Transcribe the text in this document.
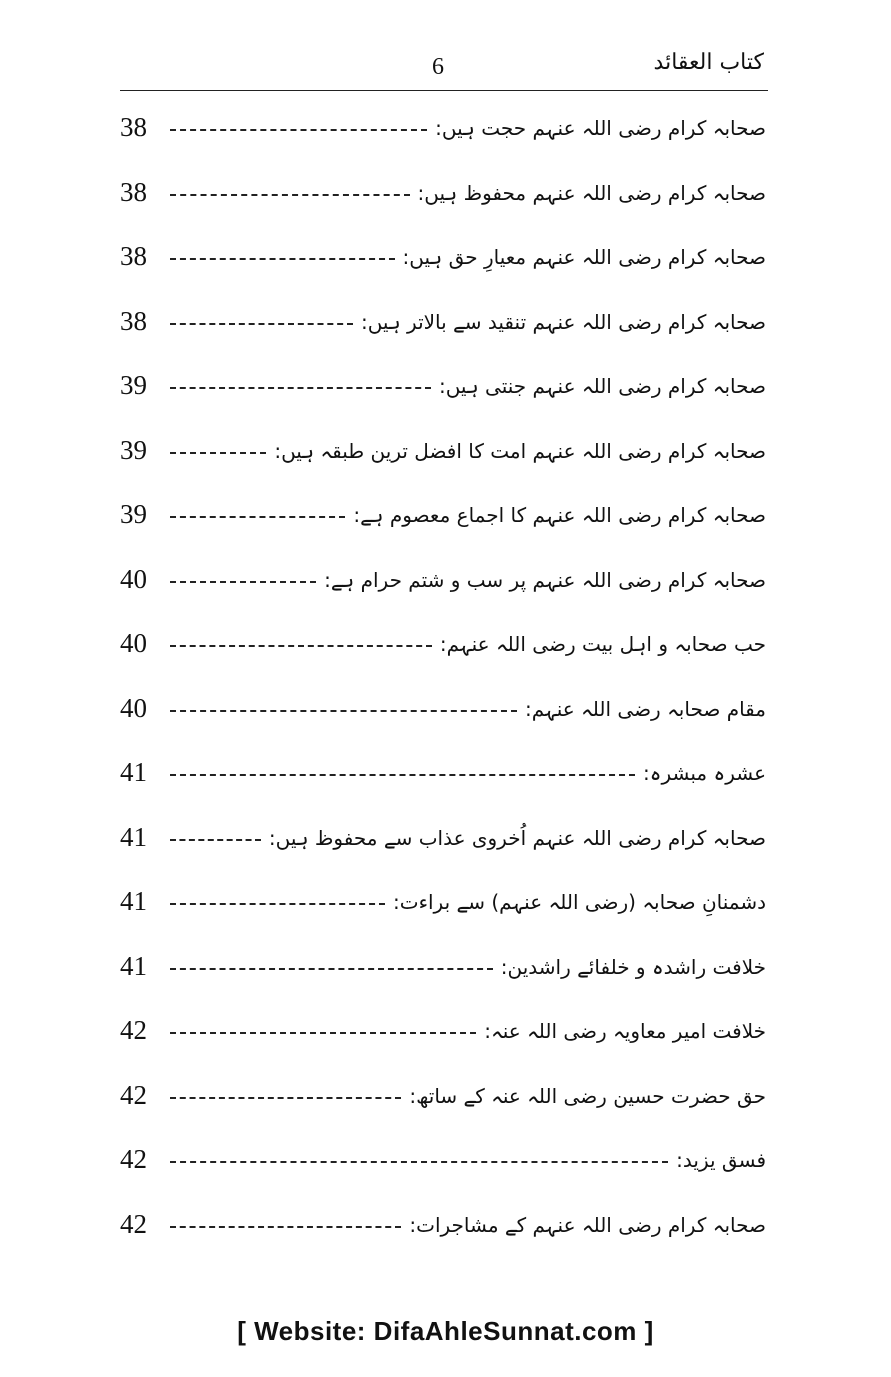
کتاب العقائد
6
38	صحابہ کرام رضی اللہ عنہم حجت ہیں:
38	صحابہ کرام رضی اللہ عنہم محفوظ ہیں:
38	صحابہ کرام رضی اللہ عنہم معیارِ حق ہیں:
38	صحابہ کرام رضی اللہ عنہم تنقید سے بالاتر ہیں:
39	صحابہ کرام رضی اللہ عنہم جنتی ہیں:
39	صحابہ کرام رضی اللہ عنہم امت کا افضل ترین طبقہ ہیں:
39	صحابہ کرام رضی اللہ عنہم کا اجماع معصوم ہے:
40	صحابہ کرام رضی اللہ عنہم پر سب و شتم حرام ہے:
40	حب صحابہ و اہل بیت رضی اللہ عنہم:
40	مقام صحابہ رضی اللہ عنہم:
41	عشرہ مبشرہ:
41	صحابہ کرام رضی اللہ عنہم اُخروی عذاب سے محفوظ ہیں:
41	دشمنانِ صحابہ (رضی اللہ عنہم) سے براءت:
41	خلافت راشدہ و خلفائے راشدین:
42	خلافت امیر معاویہ رضی اللہ عنہ:
42	حق حضرت حسین رضی اللہ عنہ کے ساتھ:
42	فسق یزید:
42	صحابہ کرام رضی اللہ عنہم کے مشاجرات:
[ Website: DifaAhleSunnat.com ]
